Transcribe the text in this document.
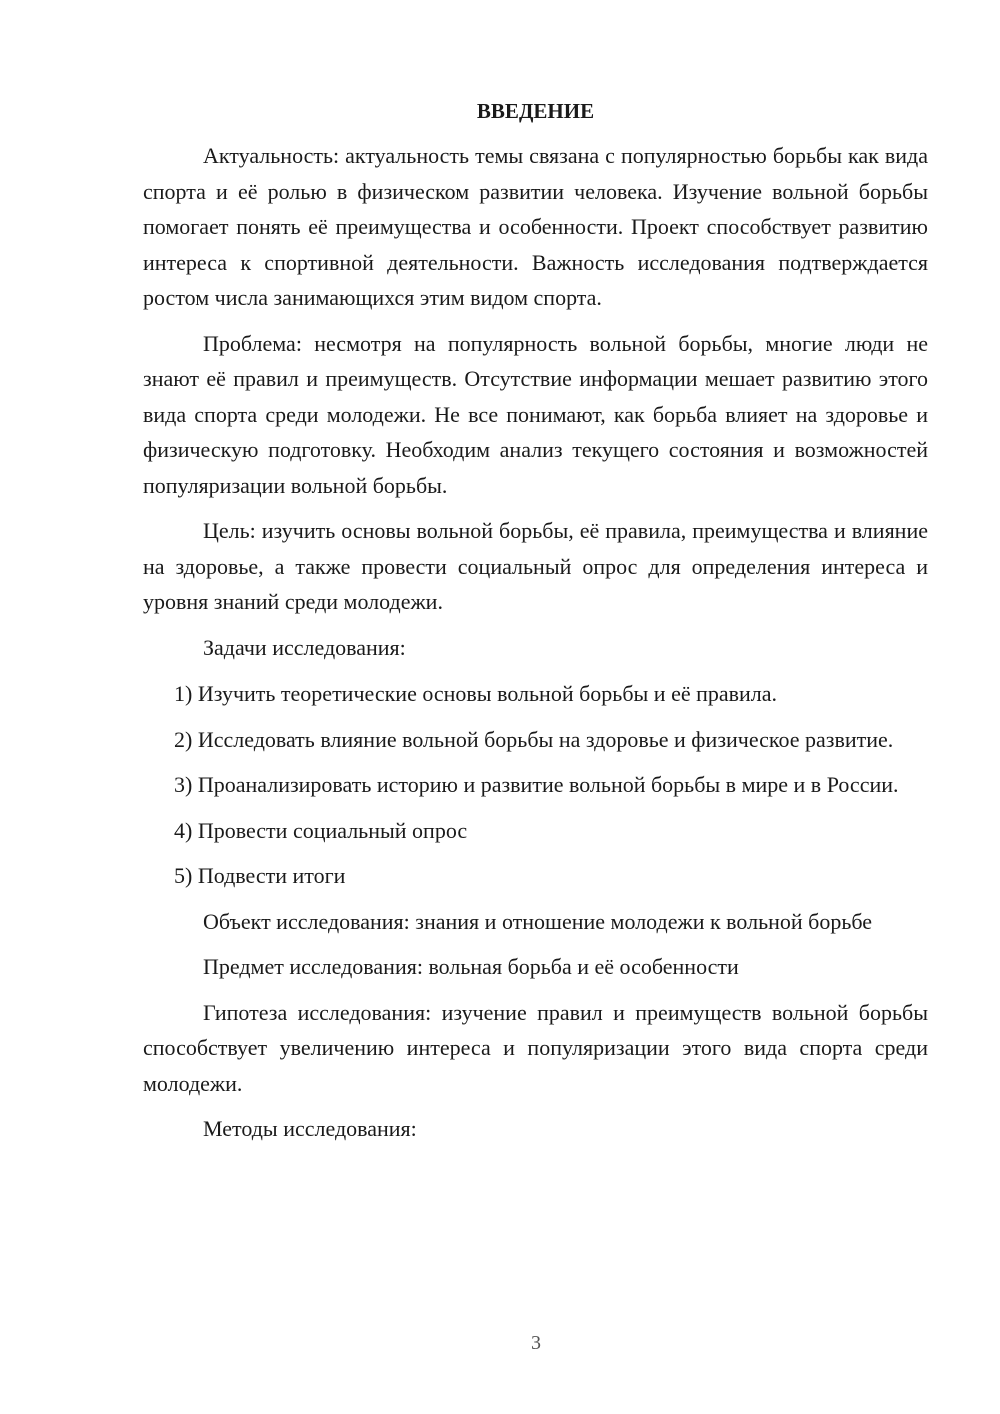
ВВЕДЕНИЕ

Актуальность: актуальность темы связана с популярностью борьбы как вида спорта и её ролью в физическом развитии человека. Изучение вольной борьбы помогает понять её преимущества и особенности. Проект способствует развитию интереса к спортивной деятельности. Важность исследования подтверждается ростом числа занимающихся этим видом спорта.

Проблема: несмотря на популярность вольной борьбы, многие люди не знают её правил и преимуществ. Отсутствие информации мешает развитию этого вида спорта среди молодежи. Не все понимают, как борьба влияет на здоровье и физическую подготовку. Необходим анализ текущего состояния и возможностей популяризации вольной борьбы.

Цель: изучить основы вольной борьбы, её правила, преимущества и влияние на здоровье, а также провести социальный опрос для определения интереса и уровня знаний среди молодежи.

Задачи исследования:

1) Изучить теоретические основы вольной борьбы и её правила.

2) Исследовать влияние вольной борьбы на здоровье и физическое развитие.

3) Проанализировать историю и развитие вольной борьбы в мире и в России.

4) Провести социальный опрос

5) Подвести итоги

Объект исследования: знания и отношение молодежи к вольной борьбе

Предмет исследования: вольная борьба и её особенности

Гипотеза исследования: изучение правил и преимуществ вольной борьбы способствует увеличению интереса и популяризации этого вида спорта среди молодежи.

Методы исследования:

3
